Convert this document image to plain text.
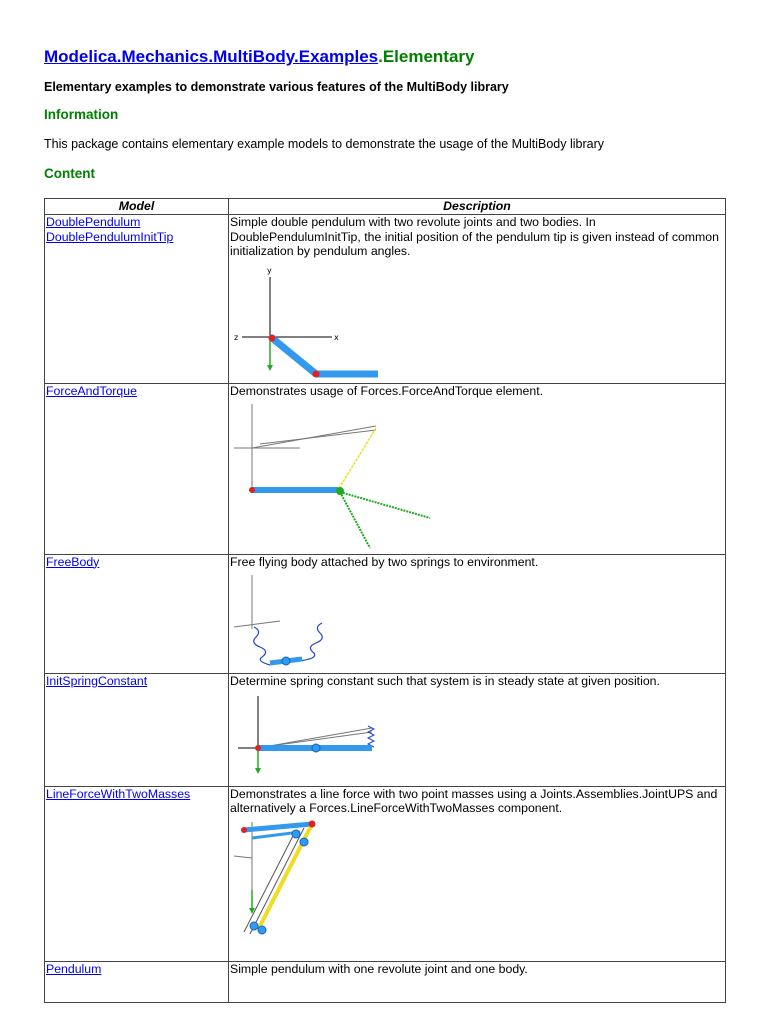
Modelica.Mechanics.MultiBody.Examples.Elementary

Elementary examples to demonstrate various features of the MultiBody library

Information

This package contains elementary example models to demonstrate the usage of the MultiBody library

Content
Model	Description

DoublePendulum
DoublePendulumInitTip	Simple double pendulum with two revolute joints and two bodies. In DoublePendulumInitTip, the initial position of the pendulum tip is given instead of common initialization by pendulum angles.
y
x
z

ForceAndTorque	Demonstrates usage of Forces.ForceAndTorque element.

FreeBody	Free flying body attached by two springs to environment.

InitSpringConstant	Determine spring constant such that system is in steady state at given position.

LineForceWithTwoMasses	Demonstrates a line force with two point masses using a Joints.Assemblies.JointUPS and alternatively a Forces.LineForceWithTwoMasses component.

Pendulum	Simple pendulum with one revolute joint and one body.
